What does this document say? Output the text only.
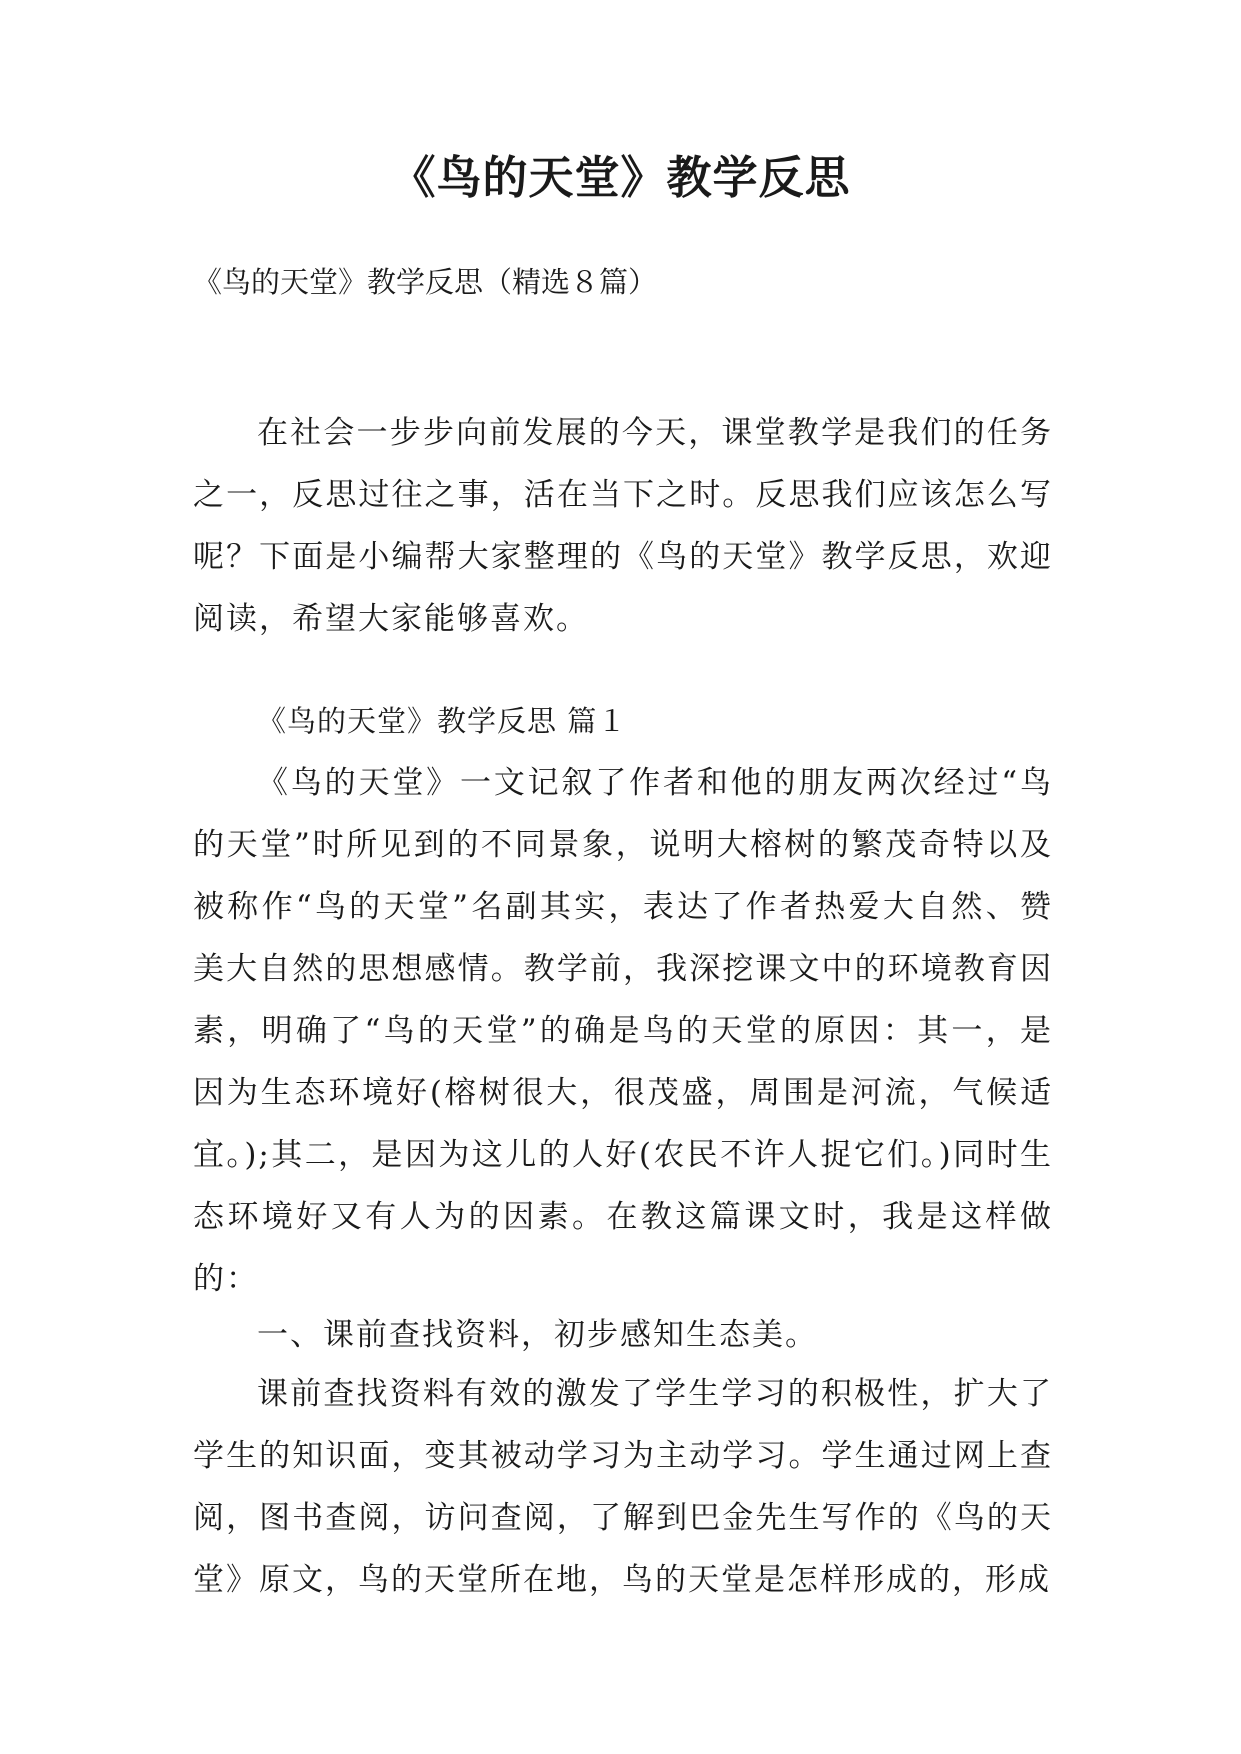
《鸟的天堂》教学反思

《鸟的天堂》教学反思（精选８篇）

在社会一步步向前发展的今天，课堂教学是我们的任务之一，反思过往之事，活在当下之时。反思我们应该怎么写呢？下面是小编帮大家整理的《鸟的天堂》教学反思，欢迎阅读，希望大家能够喜欢。

《鸟的天堂》教学反思 篇１

《鸟的天堂》一文记叙了作者和他的朋友两次经过“鸟的天堂”时所见到的不同景象，说明大榕树的繁茂奇特以及被称作“鸟的天堂”名副其实，表达了作者热爱大自然、赞美大自然的思想感情。教学前，我深挖课文中的环境教育因素，明确了“鸟的天堂”的确是鸟的天堂的原因：其一，是因为生态环境好(榕树很大，很茂盛，周围是河流，气候适宜。);其二，是因为这儿的人好(农民不许人捉它们。)同时生态环境好又有人为的因素。在教这篇课文时，我是这样做的：

一、课前查找资料，初步感知生态美。

课前查找资料有效的激发了学生学习的积极性，扩大了学生的知识面，变其被动学习为主动学习。学生通过网上查阅，图书查阅，访问查阅，了解到巴金先生写作的《鸟的天堂》原文，鸟的天堂所在地，鸟的天堂是怎样形成的，形成
